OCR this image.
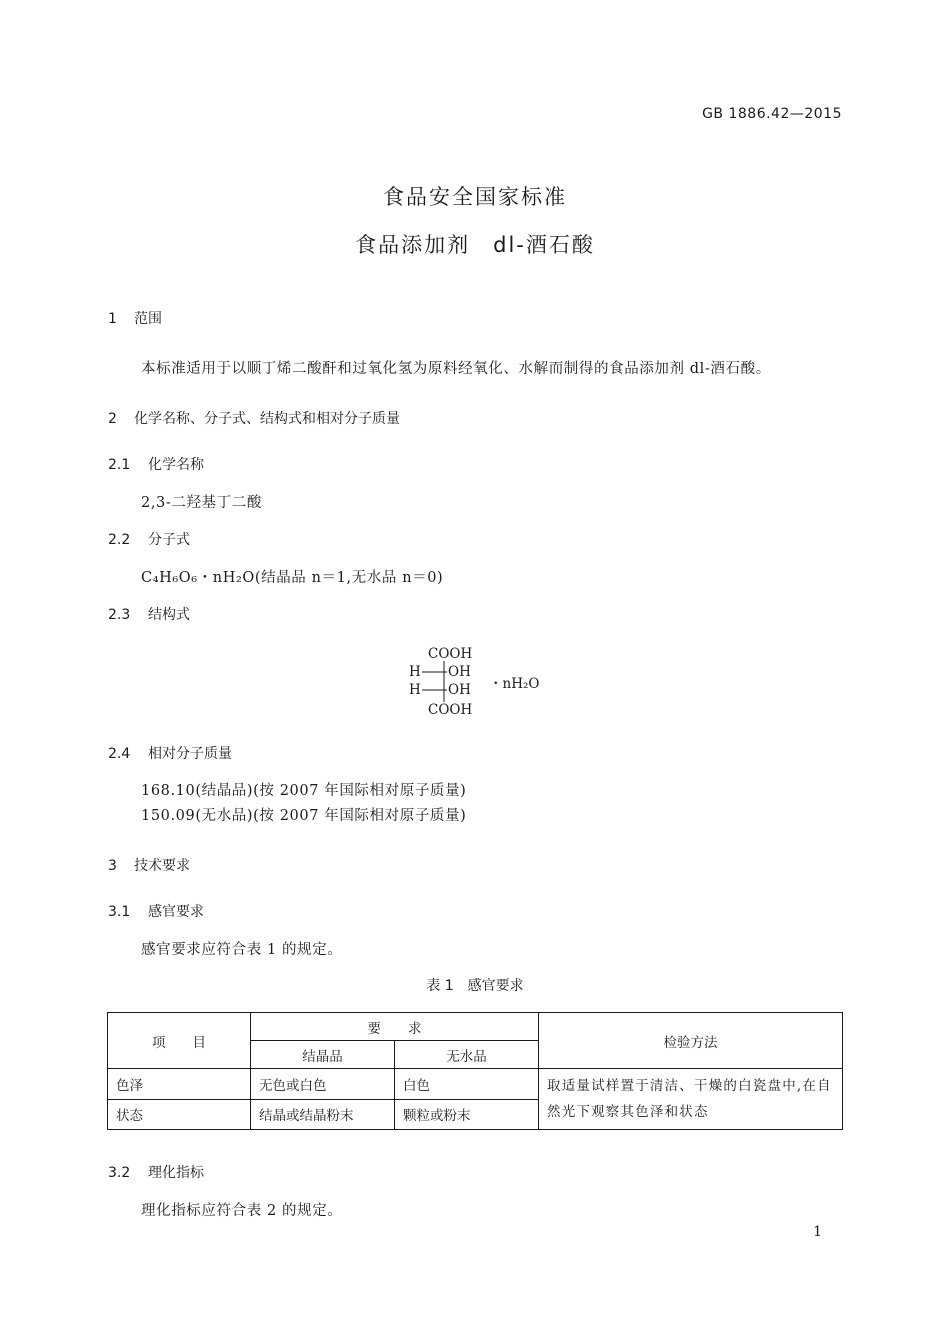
GB 1886.42—2015
食品安全国家标准
食品添加剂　dl-酒石酸
1 范围
本标准适用于以顺丁烯二酸酐和过氧化氢为原料经氧化、水解而制得的食品添加剂 dl-酒石酸。
2 化学名称、分子式、结构式和相对分子质量
2.1 化学名称
2,3-二羟基丁二酸
2.2 分子式
C₄H₆O₆・nH₂O(结晶品 n＝1,无水品 n＝0)
2.3 结构式
COOH
H OH
H OH
COOH
・nH₂O
2.4 相对分子质量
168.10(结晶品)(按 2007 年国际相对原子质量)
150.09(无水品)(按 2007 年国际相对原子质量)
3 技术要求
3.1 感官要求
感官要求应符合表 1 的规定。
表 1　感官要求
项　　目	要　　求		检验方法
	结晶品	无水品	
色泽	无色或白色	白色	取适量试样置于清洁、干燥的白瓷盘中,在自然光下观察其色泽和状态
状态	结晶或结晶粉末	颗粒或粉末	
3.2 理化指标
理化指标应符合表 2 的规定。
1
